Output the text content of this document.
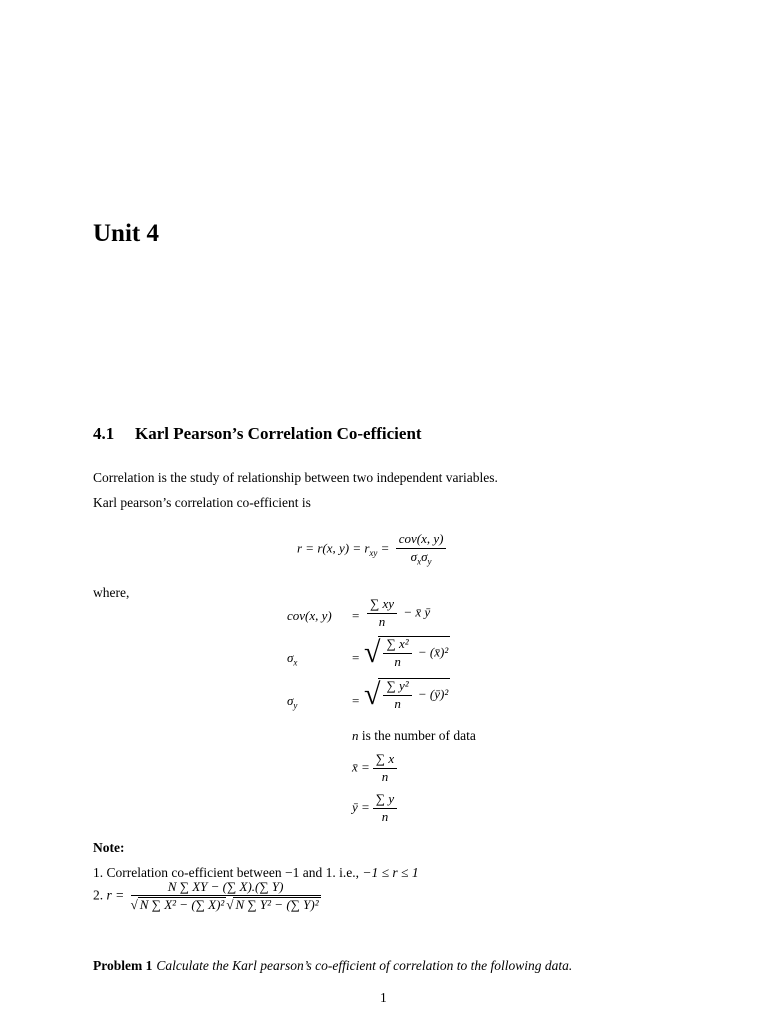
Unit 4
4.1 Karl Pearson’s Correlation Co-efficient
Correlation is the study of relationship between two independent variables.
Karl pearson’s correlation co-efficient is
r = r(x, $y) = r_{xy} = \frac{\text{cov(x, y)}}{\sigma_x\sigma_y}$
where,
cov(x, $y) = \frac{\sum xy}{n}$ − x̄ ȳ
$\sigma_x$	= √ $\frac{\text{∑ x²}}{n}$ − (x̄)²
$\sigma_y$	= √ $\frac{\text{∑ y²}}{n}$ − (ȳ)²
n is the number of data
x̄ = $\frac{\sum x}{n}$
ȳ = $\frac{\sum y}{n}$
Note:
1. Correlation co-efficient between −1 and 1. i.e., −1 ≤ r ≤ 1
2. $r = \frac{N \sum XY - (\sum X).(\sum Y)}{\text{√ N ∑ X² − (∑ X)² √ N ∑ Y² − (∑ Y)²}}$
Problem 1 Calculate the Karl pearson’s co-efficient of correlation to the following data.
1
